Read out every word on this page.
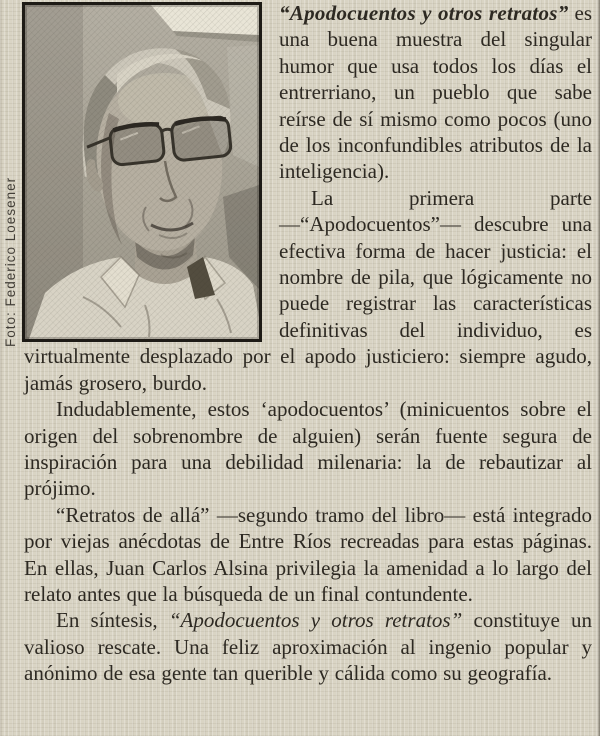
Foto: Federico Loesener

“Apodocuentos y otros retratos” es una buena muestra del singular humor que usa todos los días el entrerriano, un pueblo que sabe reírse de sí mismo como pocos (uno de los inconfundibles atributos de la inteligencia).

La primera parte —“Apodocuentos”— descubre una efectiva forma de hacer justicia: el nombre de pila, que lógicamente no puede registrar las características definitivas del individuo, es virtualmente desplazado por el apodo justiciero: siempre agudo, jamás grosero, burdo.

Indudablemente, estos ‘apodocuentos’ (minicuentos sobre el origen del sobrenombre de alguien) serán fuente segura de inspiración para una debilidad milenaria: la de rebautizar al prójimo.

“Retratos de allá” —segundo tramo del libro— está integrado por viejas anécdotas de Entre Ríos recreadas para estas páginas. En ellas, Juan Carlos Alsina privilegia la amenidad a lo largo del relato antes que la búsqueda de un final contundente.

En síntesis, “Apodocuentos y otros retratos” constituye un valioso rescate. Una feliz aproximación al ingenio popular y anónimo de esa gente tan querible y cálida como su geografía.
